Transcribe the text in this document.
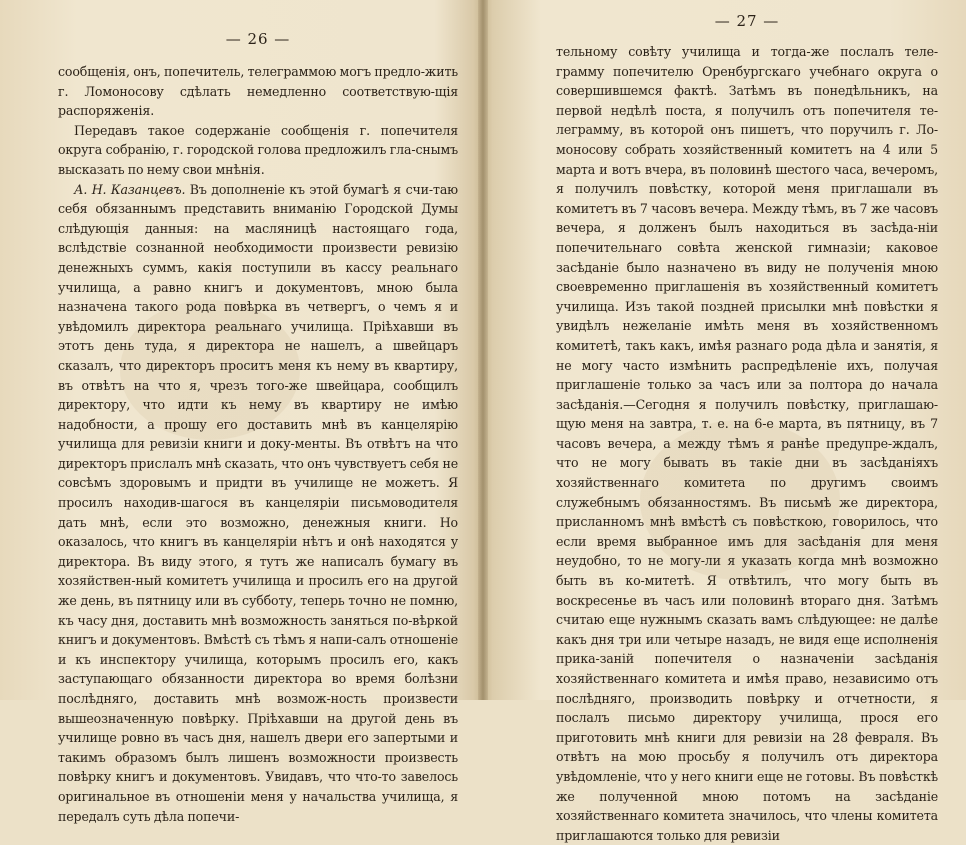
— 26 —

сообщенія, онъ, попечитель, телеграммою могъ предло-жить г. Ломоносову сдѣлать немедленно соответствую-щія распоряженія.

Передавъ такое содержаніе сообщенія г. попечителя округа собранію, г. городской голова предложилъ гла-снымъ высказать по нему свои мнѣнія.

А. Н. Казанцевъ. Въ дополненіе къ этой бумагѣ я счи-таю себя обязаннымъ представить вниманію Городской Думы слѣдующія данныя: на масляницѣ настоящаго года, вслѣдствіе сознанной необходимости произвести ревизію денежныхъ суммъ, какія поступили въ кассу реальнаго училища, а равно книгъ и документовъ, мною была назначена такого рода повѣрка въ четвергъ, о чемъ я и увѣдомилъ директора реальнаго училища. Пріѣхавши въ этотъ день туда, я директора не нашелъ, а швейцаръ сказалъ, что директоръ проситъ меня къ нему въ квартиру, въ отвѣтъ на что я, чрезъ того-же швейцара, сообщилъ директору, что идти къ нему въ квартиру не имѣю надобности, а прошу его доставить мнѣ въ канцелярію училища для ревизіи книги и доку-менты. Въ отвѣтъ на что директоръ прислалъ мнѣ сказать, что онъ чувствуетъ себя не совсѣмъ здоровымъ и придти въ училище не можетъ. Я просилъ находив-шагося въ канцеляріи письмоводителя дать мнѣ, если это возможно, денежныя книги. Но оказалось, что книгъ въ канцеляріи нѣтъ и онѣ находятся у директора. Въ виду этого, я тутъ же написалъ бумагу въ хозяйствен-ный комитетъ училища и просилъ его на другой же день, въ пятницу или въ субботу, теперь точно не помню, къ часу дня, доставить мнѣ возможность заняться по-вѣркой книгъ и документовъ. Вмѣстѣ съ тѣмъ я напи-салъ отношеніе и къ инспектору училища, которымъ просилъ его, какъ заступающаго обязанности директора во время болѣзни послѣдняго, доставить мнѣ возмож-ность произвести вышеозначенную повѣрку. Пріѣхавши на другой день въ училище ровно въ часъ дня, нашелъ двери его запертыми и такимъ образомъ былъ лишенъ возможности произвесть повѣрку книгъ и документовъ. Увидавъ, что что-то завелось оригинальное въ отношеніи меня у начальства училища, я передалъ суть дѣла попечи-

— 27 —

тельному совѣту училища и тогда-же послалъ теле-грамму попечителю Оренбургскаго учебнаго округа о совершившемся фактѣ. Затѣмъ въ понедѣльникъ, на первой недѣлѣ поста, я получилъ отъ попечителя те-леграмму, въ которой онъ пишетъ, что поручилъ г. Ло-моносову собрать хозяйственный комитетъ на 4 или 5 марта и вотъ вчера, въ половинѣ шестого часа, вечеромъ, я получилъ повѣстку, которой меня приглашали въ комитетъ въ 7 часовъ вечера. Между тѣмъ, въ 7 же часовъ вечера, я долженъ былъ находиться въ засѣда-ніи попечительнаго совѣта женской гимназіи; каковое засѣданіе было назначено въ виду не полученія мною своевременно приглашенія въ хозяйственный комитетъ училища. Изъ такой поздней присылки мнѣ повѣстки я увидѣлъ нежеланіе имѣть меня въ хозяйственномъ комитетѣ, такъ какъ, имѣя разнаго рода дѣла и занятія, я не могу часто измѣнить распредѣленіе ихъ, получая приглашеніе только за часъ или за полтора до начала засѣданія.—Сегодня я получилъ повѣстку, приглашаю-щую меня на завтра, т. е. на 6-е марта, въ пятницу, въ 7 часовъ вечера, а между тѣмъ я ранѣе предупре-ждалъ, что не могу бывать въ такіе дни въ засѣданіяхъ хозяйственнаго комитета по другимъ своимъ служебнымъ обязанностямъ. Въ письмѣ же директора, присланномъ мнѣ вмѣстѣ съ повѣсткою, говорилось, что если время выбранное имъ для засѣданія для меня неудобно, то не могу-ли я указать когда мнѣ возможно быть въ ко-митетѣ. Я отвѣтилъ, что могу быть въ воскресенье въ часъ или половинѣ втораго дня. Затѣмъ считаю еще нужнымъ сказать вамъ слѣдующее: не далѣе какъ дня три или четыре назадъ, не видя еще исполненія прика-заній попечителя о назначеніи засѣданія хозяйственнаго комитета и имѣя право, независимо отъ послѣдняго, производить повѣрку и отчетности, я послалъ письмо директору училища, прося его приготовить мнѣ книги для ревизіи на 28 февраля. Въ отвѣтъ на мою просьбу я получилъ отъ директора увѣдомленіе, что у него книги еще не готовы. Въ повѣсткѣ же полученной мною потомъ на засѣданіе хозяйственнаго комитета значилось, что члены комитета приглашаются только для ревизіи
